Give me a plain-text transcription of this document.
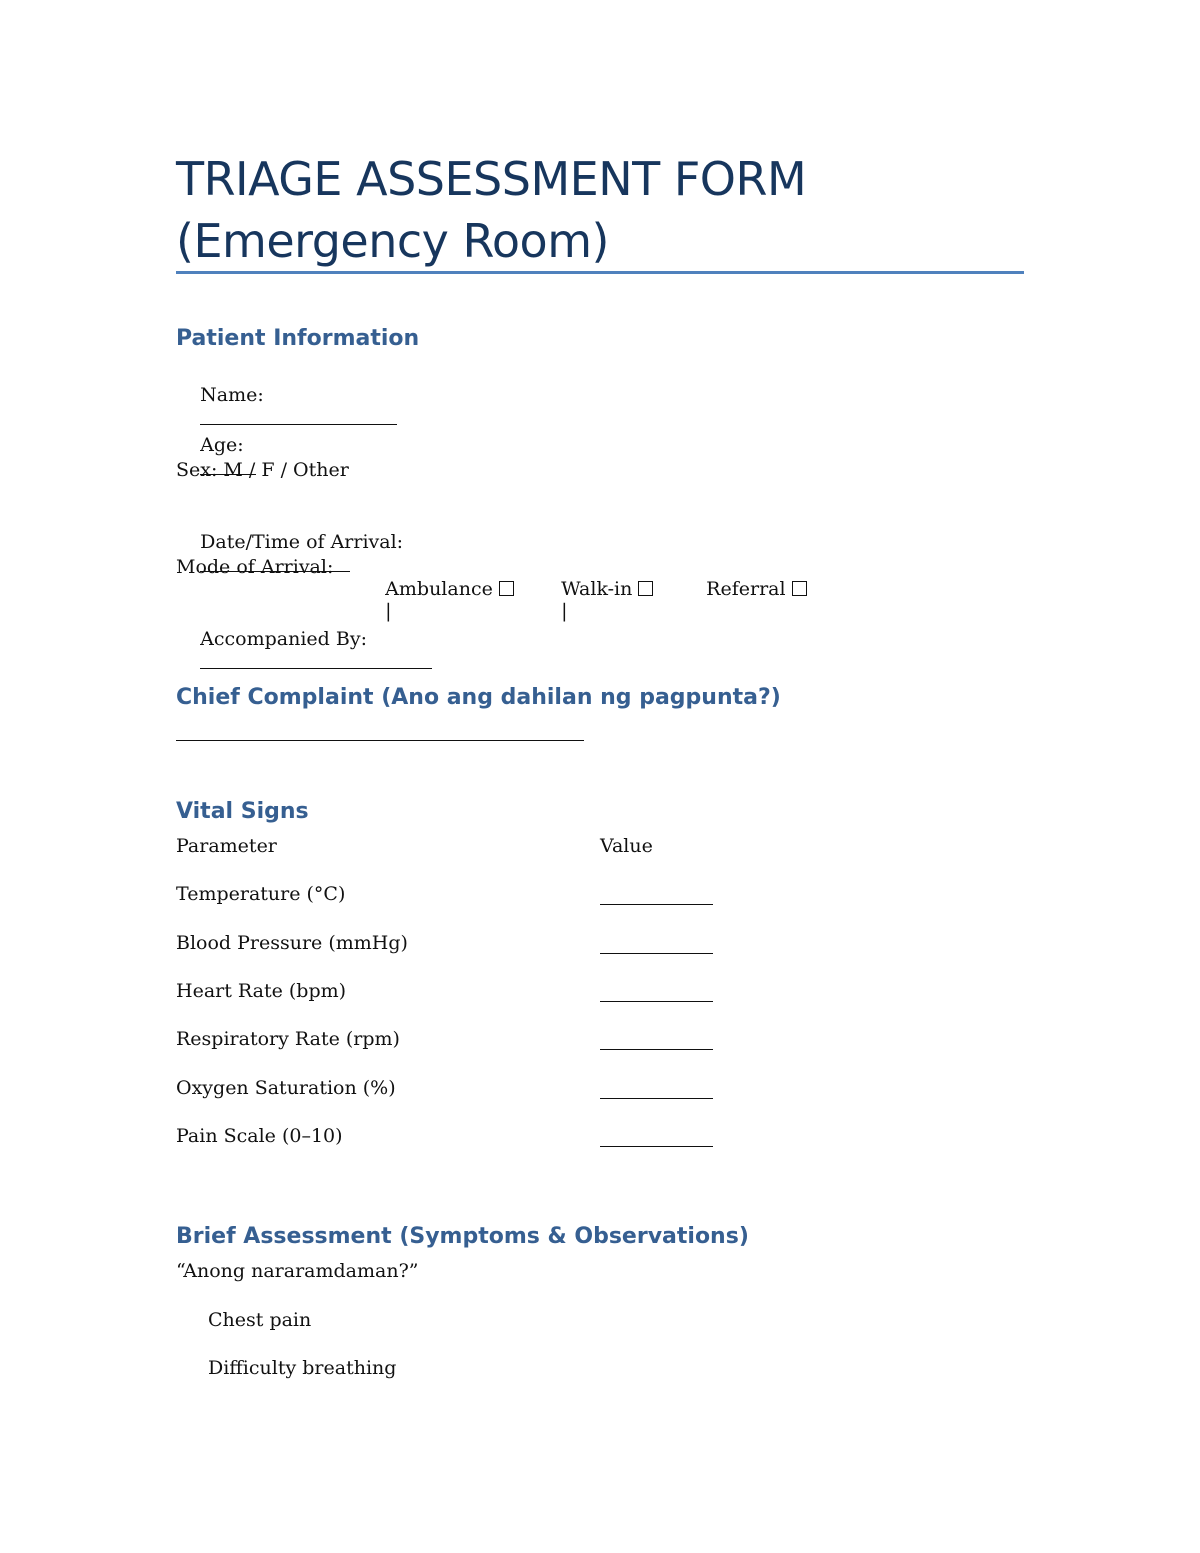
TRIAGE ASSESSMENT FORM
(Emergency Room)
Patient Information

Name:

Age:

Sex: M / F / Other

Date/Time of Arrival:

Mode of Arrival:

Ambulance
|

Walk-in
|

Referral

Accompanied By:

Chief Complaint (Ano ang dahilan ng pagpunta?)
Vital Signs
Parameter	Value
Temperature (°C)
Blood Pressure (mmHg)
Heart Rate (bpm)
Respiratory Rate (rpm)
Oxygen Saturation (%)
Pain Scale (0–10)
Brief Assessment (Symptoms & Observations)
“Anong nararamdaman?”
Chest pain
Difficulty breathing
